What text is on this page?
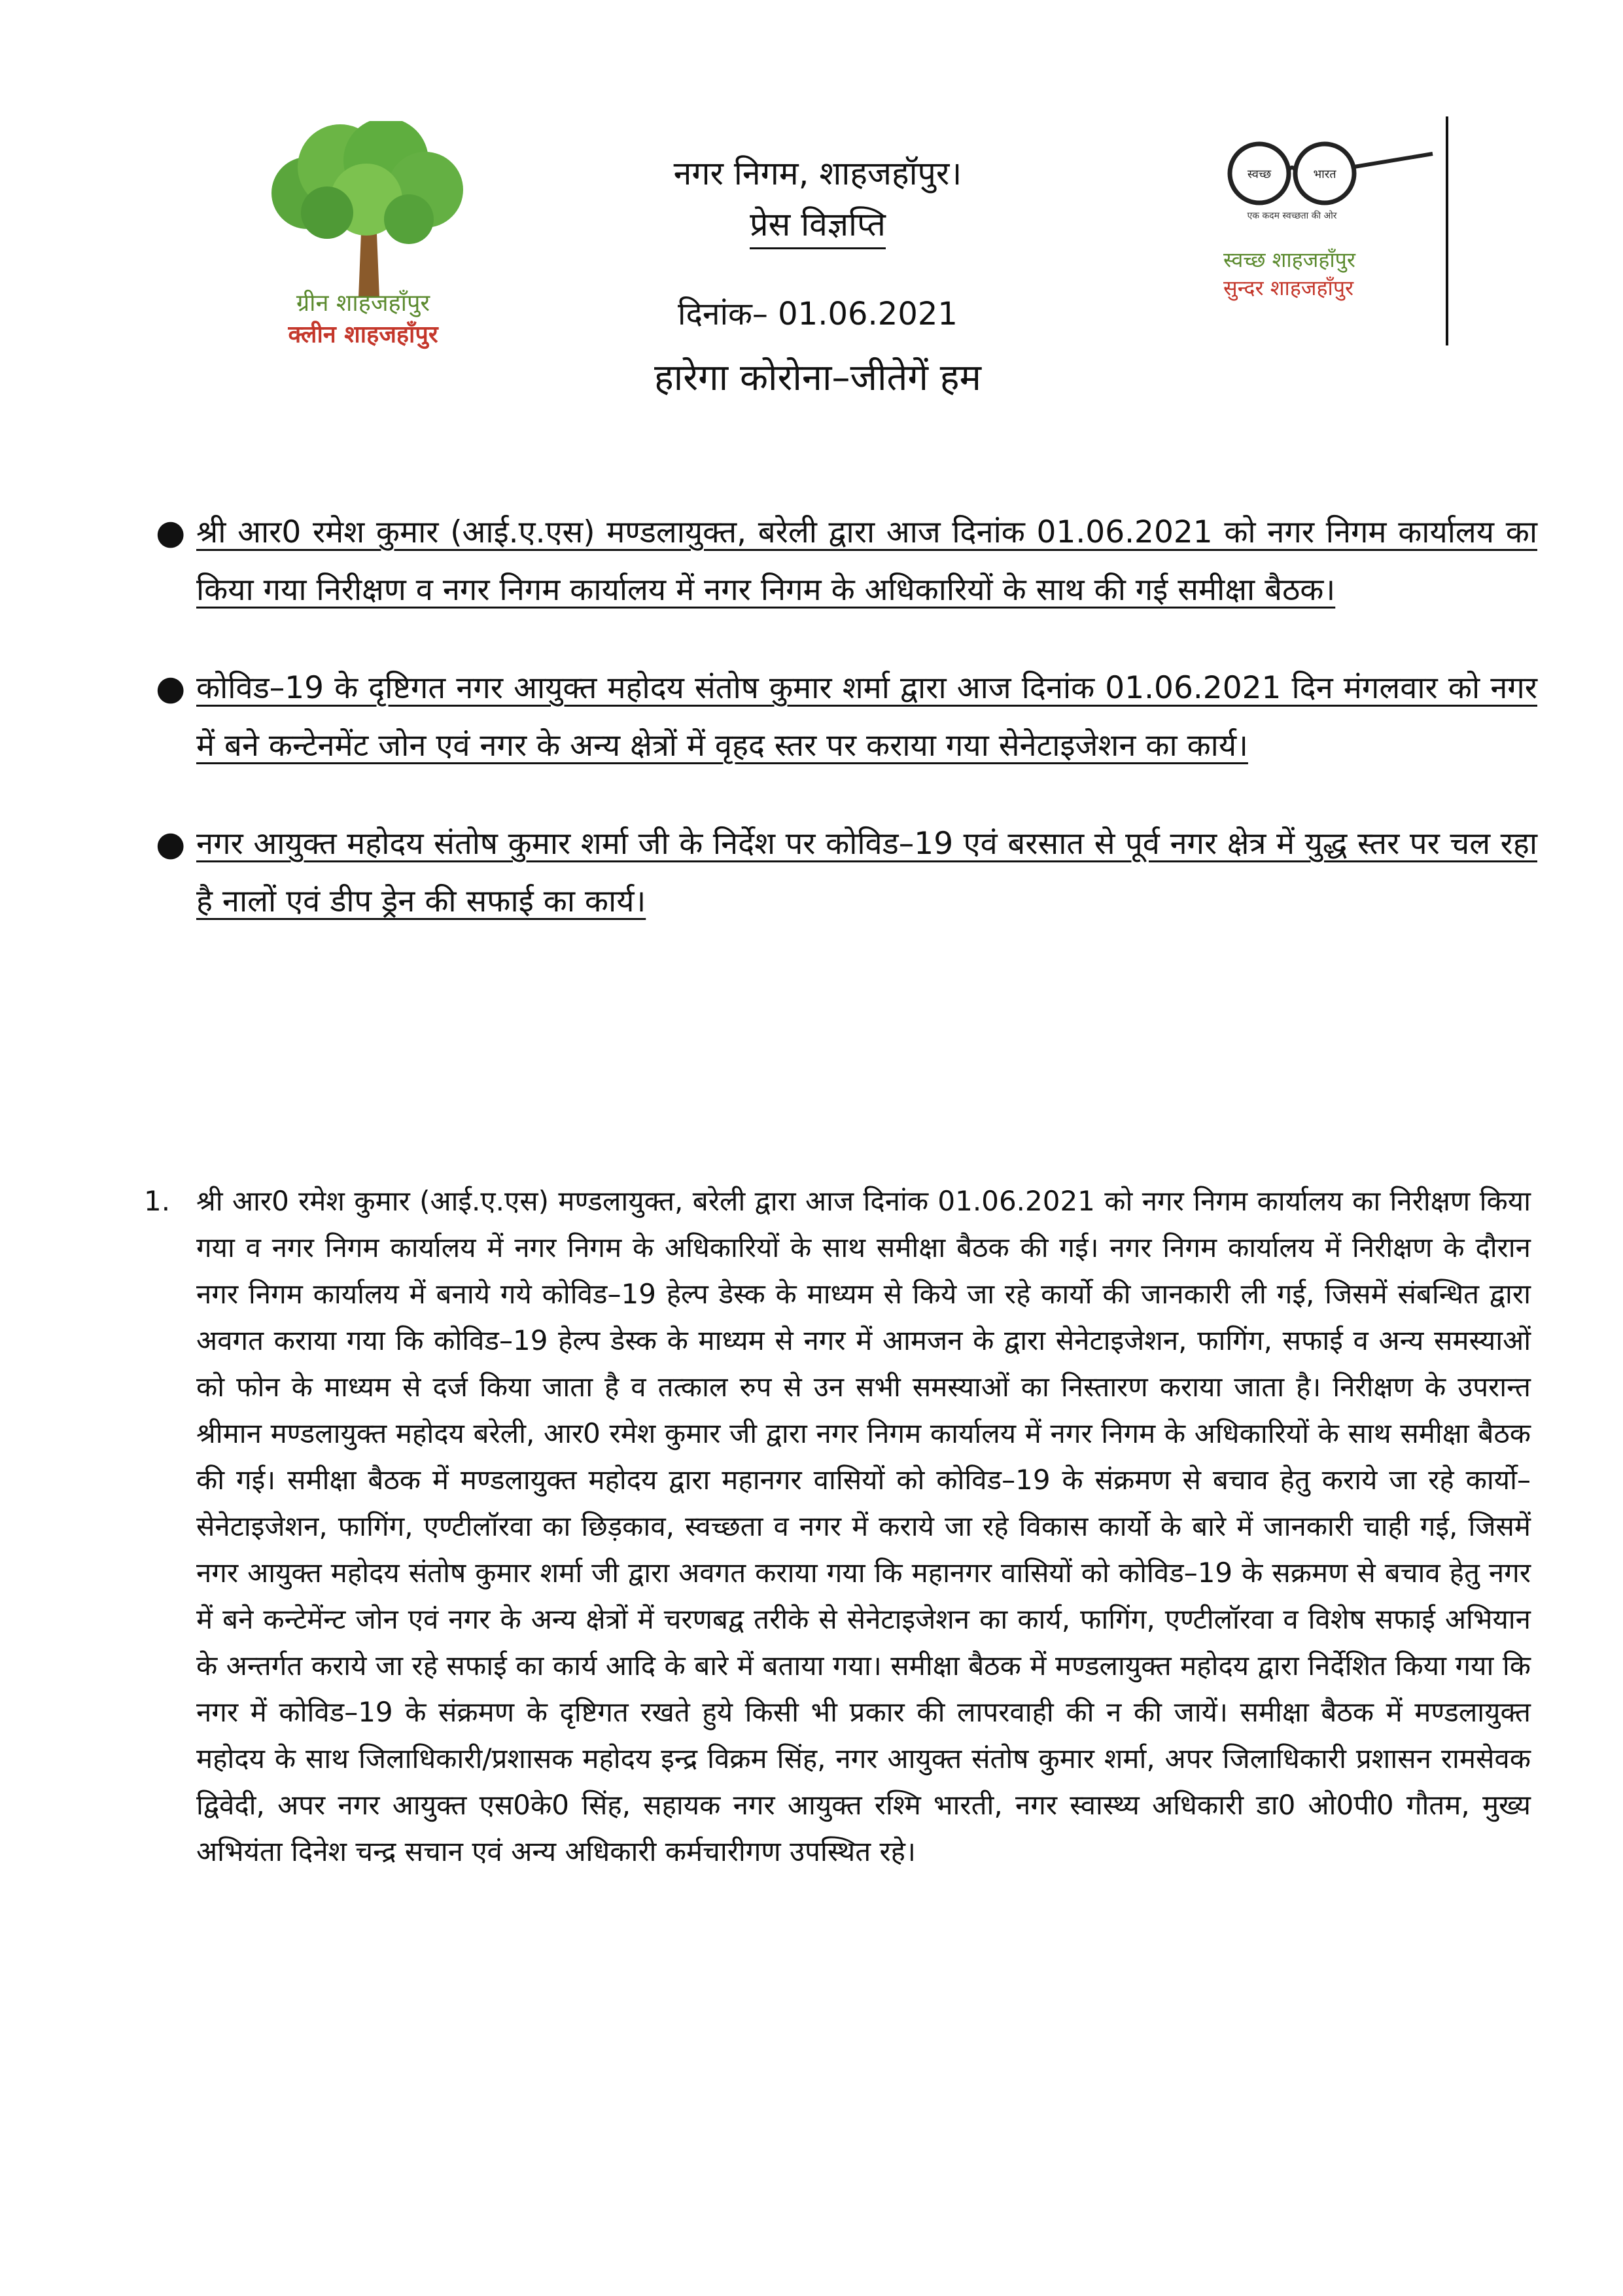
ग्रीन शाहजहाँपुर
क्लीन शाहजहाँपुर
नगर निगम, शाहजहॉपुर।
प्रेस विज्ञप्ति
दिनांक– 01.06.2021
हारेगा कोरोना–जीतेगें हम
स्वच्छ	भारत
एक कदम स्वच्छता की ओर
स्वच्छ शाहजहाँपुर
सुन्दर शाहजहाँपुर
● श्री आर0 रमेश कुमार (आई.ए.एस) मण्डलायुक्त, बरेली द्वारा आज दिनांक 01.06.2021 को नगर निगम कार्यालय का किया गया निरीक्षण व नगर निगम कार्यालय में नगर निगम के अधिकारियों के साथ की गई समीक्षा बैठक।
● कोविड–19 के दृष्टिगत नगर आयुक्त महोदय संतोष कुमार शर्मा द्वारा आज दिनांक 01.06.2021 दिन मंगलवार को नगर में बने कन्टेनमेंट जोन एवं नगर के अन्य क्षेत्रों में वृहद स्तर पर कराया गया सेनेटाइजेशन का कार्य।
● नगर आयुक्त महोदय संतोष कुमार शर्मा जी के निर्देश पर कोविड–19 एवं बरसात से पूर्व नगर क्षेत्र में युद्ध स्तर पर चल रहा है नालों एवं डीप ड्रेन की सफाई का कार्य।
1. श्री आर0 रमेश कुमार (आई.ए.एस) मण्डलायुक्त, बरेली द्वारा आज दिनांक 01.06.2021 को नगर निगम कार्यालय का निरीक्षण किया गया व नगर निगम कार्यालय में नगर निगम के अधिकारियों के साथ समीक्षा बैठक की गई। नगर निगम कार्यालय में निरीक्षण के दौरान नगर निगम कार्यालय में बनाये गये कोविड–19 हेल्प डेस्क के माध्यम से किये जा रहे कार्यो की जानकारी ली गई, जिसमें संबन्धित द्वारा अवगत कराया गया कि कोविड–19 हेल्प डेस्क के माध्यम से नगर में आमजन के द्वारा सेनेटाइजेशन, फागिंग, सफाई व अन्य समस्याओं को फोन के माध्यम से दर्ज किया जाता है व तत्काल रुप से उन सभी समस्याओं का निस्तारण कराया जाता है। निरीक्षण के उपरान्त श्रीमान मण्डलायुक्त महोदय बरेली, आर0 रमेश कुमार जी द्वारा नगर निगम कार्यालय में नगर निगम के अधिकारियों के साथ समीक्षा बैठक की गई। समीक्षा बैठक में मण्डलायुक्त महोदय द्वारा महानगर वासियों को कोविड–19 के संक्रमण से बचाव हेतु कराये जा रहे कार्यो– सेनेटाइजेशन, फागिंग, एण्टीलॉरवा का छिड़काव, स्वच्छता व नगर में कराये जा रहे विकास कार्यो के बारे में जानकारी चाही गई, जिसमें नगर आयुक्त महोदय संतोष कुमार शर्मा जी द्वारा अवगत कराया गया कि महानगर वासियों को कोविड–19 के सक्रमण से बचाव हेतु नगर में बने कन्टेमेंन्ट जोन एवं नगर के अन्य क्षेत्रों में चरणबद्व तरीके से सेनेटाइजेशन का कार्य, फागिंग, एण्टीलॉरवा व विशेष सफाई अभियान के अन्तर्गत कराये जा रहे सफाई का कार्य आदि के बारे में बताया गया। समीक्षा बैठक में मण्डलायुक्त महोदय द्वारा निर्देशित किया गया कि नगर में कोविड–19 के संक्रमण के दृष्टिगत रखते हुये किसी भी प्रकार की लापरवाही की न की जायें। समीक्षा बैठक में मण्डलायुक्त महोदय के साथ जिलाधिकारी/प्रशासक महोदय इन्द्र विक्रम सिंह, नगर आयुक्त संतोष कुमार शर्मा, अपर जिलाधिकारी प्रशासन रामसेवक द्विवेदी, अपर नगर आयुक्त एस0के0 सिंह, सहायक नगर आयुक्त रश्मि भारती, नगर स्वास्थ्य अधिकारी डा0 ओ0पी0 गौतम, मुख्य अभियंता दिनेश चन्द्र सचान एवं अन्य अधिकारी कर्मचारीगण उपस्थित रहे।
